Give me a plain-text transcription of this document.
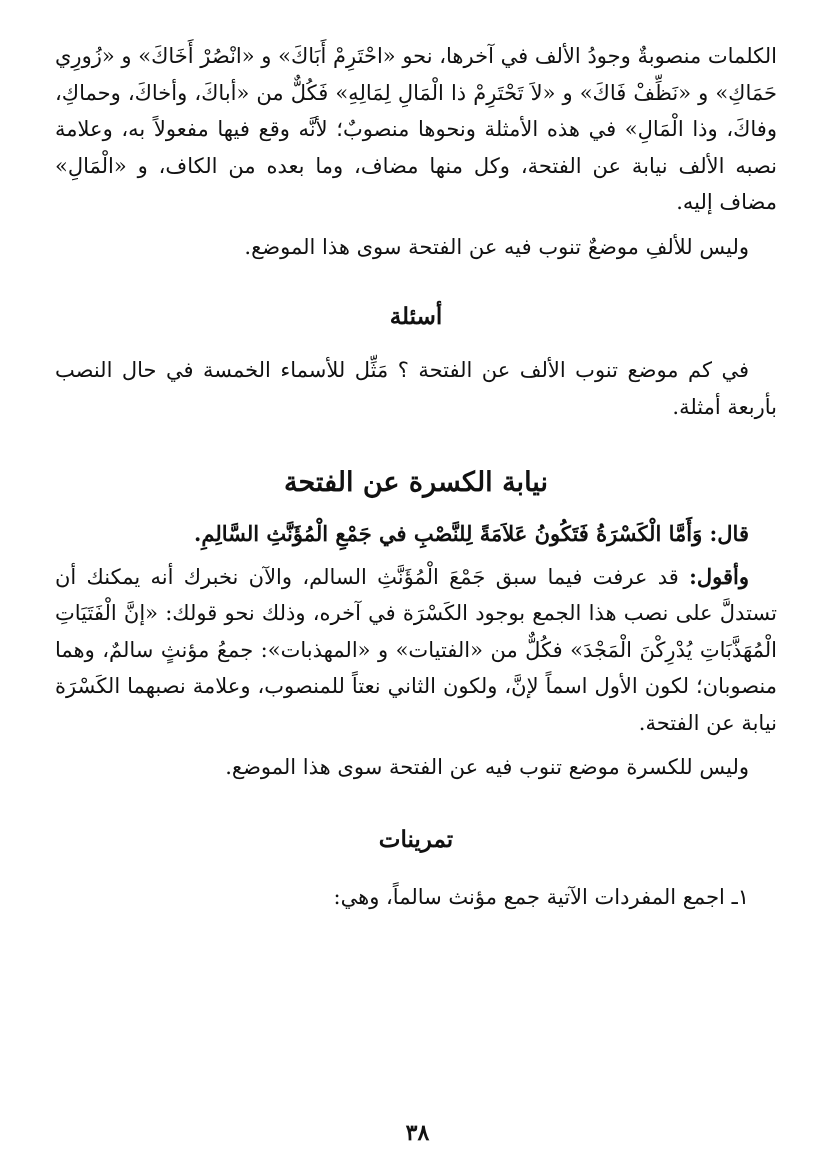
الكلمات منصوبةٌ وجودُ الألف في آخرها، نحو «احْتَرِمْ أَبَاكَ» و «انْصُرْ أَخَاكَ» و «زُورِي حَمَاكِ» و «نَظِّفْ فَاكَ» و «لاَ تَحْتَرِمْ ذا الْمَالِ لِمَالِهِ» فَكُلٌّ من «أباكَ، وأخاكَ، وحماكِ، وفاكَ، وذا الْمَالِ» في هذه الأمثلة ونحوها منصوبٌ؛ لأنَّه وقع فيها مفعولاً به، وعلامة نصبه الألف نيابة عن الفتحة، وكل منها مضاف، وما بعده من الكاف، و «الْمَالِ» مضاف إليه.

وليس للألفِ موضعٌ تنوب فيه عن الفتحة سوى هذا الموضع.

أسئلة

في كم موضع تنوب الألف عن الفتحة ؟ مَثِّل للأسماء الخمسة في حال النصب بأربعة أمثلة.

نيابة الكسرة عن الفتحة

قال: وَأَمَّا الْكَسْرَةُ فَتَكُونُ عَلاَمَةً لِلنَّصْبِ في جَمْعِ الْمُؤَنَّثِ السَّالِمِ.

وأقول: قد عرفت فيما سبق جَمْعَ الْمُؤَنَّثِ السالم، والآن نخبرك أنه يمكنك أن تستدلَّ على نصب هذا الجمع بوجود الكَسْرَة في آخره، وذلك نحو قولك: «إنَّ الْفَتَيَاتِ الْمُهَذَّبَاتِ يُدْرِكْنَ الْمَجْدَ» فكُلٌّ من «الفتيات» و «المهذبات»: جمعُ مؤنثٍ سالمٌ، وهما منصوبان؛ لكون الأول اسماً لإنَّ، ولكون الثاني نعتاً للمنصوب، وعلامة نصبهما الكَسْرَة نيابة عن الفتحة.

وليس للكسرة موضع تنوب فيه عن الفتحة سوى هذا الموضع.

تمرينات

١ـ اجمع المفردات الآتية جمع مؤنث سالماً، وهي:

٣٨
